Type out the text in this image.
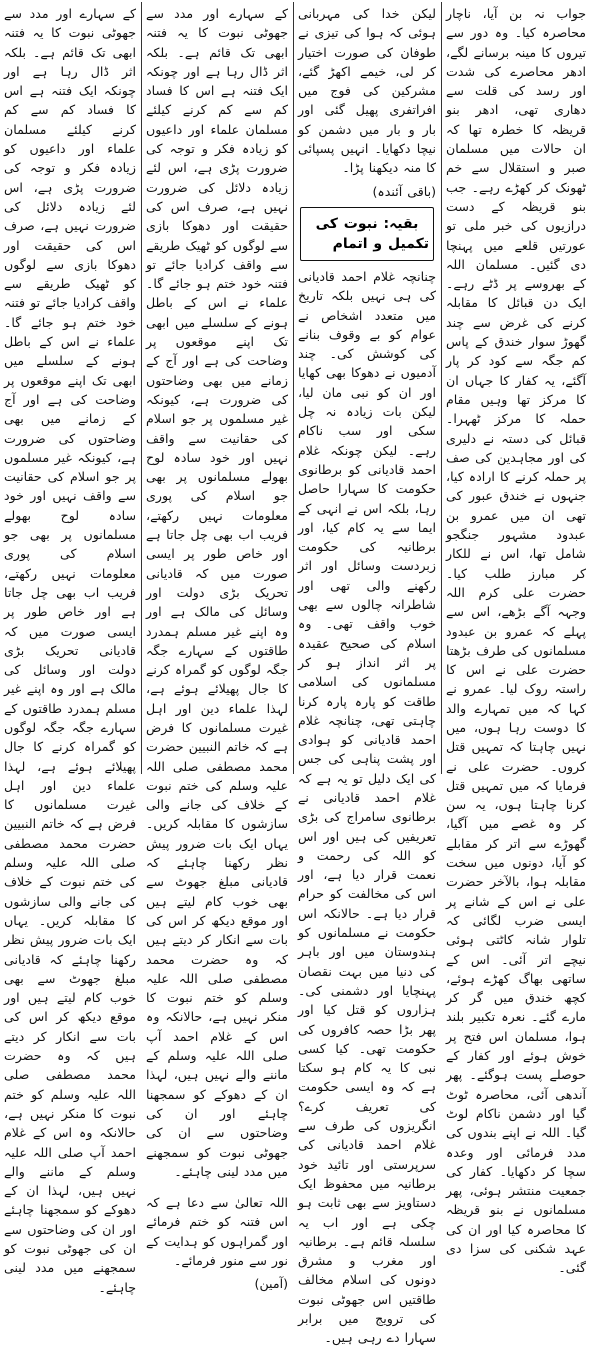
جواب نہ بن آیا، ناچار محاصرہ کیا۔ وہ دور سے تیروں کا مینہ برسانے لگے، ادھر محاصرے کی شدت اور رسد کی قلت سے دھاری تھی، ادھر بنو قریظہ کا خطرہ تھا کہ ان حالات میں مسلمان صبر و استقلال سے خم ٹھونک کر کھڑے رہے۔ جب بنو قریظہ کے دست درازیوں کی خبر ملی تو عورتیں قلعے میں پہنچا دی گئیں۔ مسلمان اللہ کے بھروسے پر ڈٹے رہے۔ ایک دن قبائل کا مقابلہ کرنے کی غرض سے چند گھوڑ سوار خندق کے پاس کم جگہ سے کود کر پار آگئے، یہ کفار کا جہاں ان کا مرکز تھا وہیں مقام حملہ کا مرکز ٹھہرا۔ قبائل کی دستہ نے دلیری کی اور مجاہدین کی صف پر حملہ کرنے کا ارادہ کیا، جنہوں نے خندق عبور کی تھی ان میں عمرو بن عبدود مشہور جنگجو شامل تھا، اس نے للکار کر مبارز طلب کیا۔ حضرت علی کرم اللہ وجہہ آگے بڑھے، اس سے پہلے کہ عمرو بن عبدود مسلمانوں کی طرف بڑھتا حضرت علی نے اس کا راستہ روک لیا۔ عمرو نے کہا کہ میں تمہارے والد کا دوست رہا ہوں، میں نہیں چاہتا کہ تمہیں قتل کروں۔ حضرت علی نے فرمایا کہ میں تمہیں قتل کرنا چاہتا ہوں، یہ سن کر وہ غصے میں آگیا، گھوڑے سے اتر کر مقابلے کو آیا، دونوں میں سخت مقابلہ ہوا، بالآخر حضرت علی نے اس کے شانے پر ایسی ضرب لگائی کہ تلوار شانہ کاٹتی ہوئی نیچے اتر آئی۔ اس کے ساتھی بھاگ کھڑے ہوئے، کچھ خندق میں گر کر مارے گئے۔ نعرہ تکبیر بلند ہوا، مسلمان اس فتح پر خوش ہوئے اور کفار کے حوصلے پست ہوگئے۔ پھر آندھی آئی، محاصرہ ٹوٹ گیا اور دشمن ناکام لوٹ گیا۔ اللہ نے اپنے بندوں کی مدد فرمائی اور وعدہ سچا کر دکھایا۔ کفار کی جمعیت منتشر ہوئی، پھر مسلمانوں نے بنو قریظہ کا محاصرہ کیا اور ان کی عہد شکنی کی سزا دی گئی۔

لیکن خدا کی مہربانی ہوئی کہ ہوا کی تیزی نے طوفان کی صورت اختیار کر لی، خیمے اکھڑ گئے، مشرکین کی فوج میں افراتفری پھیل گئی اور بار و بار میں دشمن کو نیچا دکھایا۔ انہیں پسپائی کا منہ دیکھنا پڑا۔

(باقی آئندہ)
بقیہ: نبوت کی تکمیل و اتمام

چنانچہ غلام احمد قادیانی کی ہی نہیں بلکہ تاریخ میں متعدد اشخاص نے عوام کو بے وقوف بنانے کی کوشش کی۔ چند آدمیوں نے دھوکا بھی کھایا اور ان کو نبی مان لیا، لیکن بات زیادہ نہ چل سکی اور سب ناکام رہے۔ لیکن چونکہ غلام احمد قادیانی کو برطانوی حکومت کا سہارا حاصل رہا، بلکہ اس نے انہی کے ایما سے یہ کام کیا، اور برطانیہ کی حکومت زبردست وسائل اور اثر رکھنے والی تھی اور شاطرانہ چالوں سے بھی خوب واقف تھی۔ وہ اسلام کی صحیح عقیدہ پر اثر انداز ہو کر مسلمانوں کی اسلامی طاقت کو پارہ پارہ کرنا چاہتی تھی، چنانچہ غلام احمد قادیانی کو ہوادی اور پشت پناہی کی جس کی ایک دلیل تو یہ ہے کہ غلام احمد قادیانی نے برطانوی سامراج کی بڑی تعریفیں کی ہیں اور اس کو اللہ کی رحمت و نعمت قرار دیا ہے، اور اس کی مخالفت کو حرام قرار دیا ہے۔ حالانکہ اس حکومت نے مسلمانوں کو ہندوستان میں اور باہر کی دنیا میں بہت نقصان پہنچایا اور دشمنی کی۔ ہزاروں کو قتل کیا اور پھر بڑا حصہ کافروں کی حکومت تھی۔ کیا کسی نبی کا یہ کام ہو سکتا ہے کہ وہ ایسی حکومت کی تعریف کرے؟ انگریزوں کی طرف سے غلام احمد قادیانی کی سرپرستی اور تائید خود برطانیہ میں محفوظ ایک دستاویز سے بھی ثابت ہو چکی ہے اور اب یہ سلسلہ قائم ہے۔ برطانیہ اور مغرب و مشرق دونوں کی اسلام مخالف طاقتیں اس جھوٹی نبوت کی ترویج میں برابر سہارا دے رہی ہیں۔

کے سہارے اور مدد سے جھوٹی نبوت کا یہ فتنہ ابھی تک قائم ہے۔ بلکہ اثر ڈال رہا ہے اور چونکہ ایک فتنہ ہے اس کا فساد کم سے کم کرنے کیلئے مسلمان علماء اور داعیوں کو زیادہ فکر و توجہ کی ضرورت پڑی ہے، اس لئے زیادہ دلائل کی ضرورت نہیں ہے، صرف اس کی حقیقت اور دھوکا بازی سے لوگوں کو ٹھیک طریقے سے واقف کرادیا جائے تو فتنہ خود ختم ہو جائے گا۔ علماء نے اس کے باطل ہونے کے سلسلے میں ابھی تک اپنے موقعوں پر وضاحت کی ہے اور آج کے زمانے میں بھی وضاحتوں کی ضرورت ہے، کیونکہ غیر مسلموں پر جو اسلام کی حقانیت سے واقف نہیں اور خود سادہ لوح بھولے مسلمانوں پر بھی جو اسلام کی پوری معلومات نہیں رکھتے، فریب اب بھی چل جاتا ہے اور خاص طور پر ایسی صورت میں کہ قادیانی تحریک بڑی دولت اور وسائل کی مالک ہے اور وہ اپنے غیر مسلم ہمدرد طاقتوں کے سہارے جگہ جگہ لوگوں کو گمراہ کرنے کا جال پھیلائے ہوئے ہے، لہذا علماء دین اور اہل غیرت مسلمانوں کا فرض ہے کہ خاتم النبیین حضرت محمد مصطفی صلی اللہ علیہ وسلم کی ختم نبوت کے خلاف کی جانے والی سازشوں کا مقابلہ کریں۔ یہاں ایک بات ضرور پیش نظر رکھنا چاہئے کہ قادیانی مبلغ جھوٹ سے بھی خوب کام لیتے ہیں اور موقع دیکھ کر اس کی بات سے انکار کر دیتے ہیں کہ وہ حضرت محمد مصطفی صلی اللہ علیہ وسلم کو ختم نبوت کا منکر نہیں ہے، حالانکہ وہ اس کے غلام احمد آپ صلی اللہ علیہ وسلم کے ماننے والے نہیں ہیں، لہذا ان کے دھوکے کو سمجھنا چاہئے اور ان کی وضاحتوں سے ان کی جھوٹی نبوت کو سمجھنے میں مدد لینی چاہئے۔

اللہ تعالیٰ سے دعا ہے کہ اس فتنہ کو ختم فرمائے اور گمراہوں کو ہدایت کے نور سے منور فرمائے۔

(آمین)

کے سہارے اور مدد سے جھوٹی نبوت کا یہ فتنہ ابھی تک قائم ہے۔ بلکہ اثر ڈال رہا ہے اور چونکہ ایک فتنہ ہے اس کا فساد کم سے کم کرنے کیلئے مسلمان علماء اور داعیوں کو زیادہ فکر و توجہ کی ضرورت پڑی ہے، اس لئے زیادہ دلائل کی ضرورت نہیں ہے، صرف اس کی حقیقت اور دھوکا بازی سے لوگوں کو ٹھیک طریقے سے واقف کرادیا جائے تو فتنہ خود ختم ہو جائے گا۔ علماء نے اس کے باطل ہونے کے سلسلے میں ابھی تک اپنے موقعوں پر وضاحت کی ہے اور آج کے زمانے میں بھی وضاحتوں کی ضرورت ہے، کیونکہ غیر مسلموں پر جو اسلام کی حقانیت سے واقف نہیں اور خود سادہ لوح بھولے مسلمانوں پر بھی جو اسلام کی پوری معلومات نہیں رکھتے، فریب اب بھی چل جاتا ہے اور خاص طور پر ایسی صورت میں کہ قادیانی تحریک بڑی دولت اور وسائل کی مالک ہے اور وہ اپنے غیر مسلم ہمدرد طاقتوں کے سہارے جگہ جگہ لوگوں کو گمراہ کرنے کا جال پھیلائے ہوئے ہے، لہذا علماء دین اور اہل غیرت مسلمانوں کا فرض ہے کہ خاتم النبیین حضرت محمد مصطفی صلی اللہ علیہ وسلم کی ختم نبوت کے خلاف کی جانے والی سازشوں کا مقابلہ کریں۔ یہاں ایک بات ضرور پیش نظر رکھنا چاہئے کہ قادیانی مبلغ جھوٹ سے بھی خوب کام لیتے ہیں اور موقع دیکھ کر اس کی بات سے انکار کر دیتے ہیں کہ وہ حضرت محمد مصطفی صلی اللہ علیہ وسلم کو ختم نبوت کا منکر نہیں ہے، حالانکہ وہ اس کے غلام احمد آپ صلی اللہ علیہ وسلم کے ماننے والے نہیں ہیں، لہذا ان کے دھوکے کو سمجھنا چاہئے اور ان کی وضاحتوں سے ان کی جھوٹی نبوت کو سمجھنے میں مدد لینی چاہئے۔
